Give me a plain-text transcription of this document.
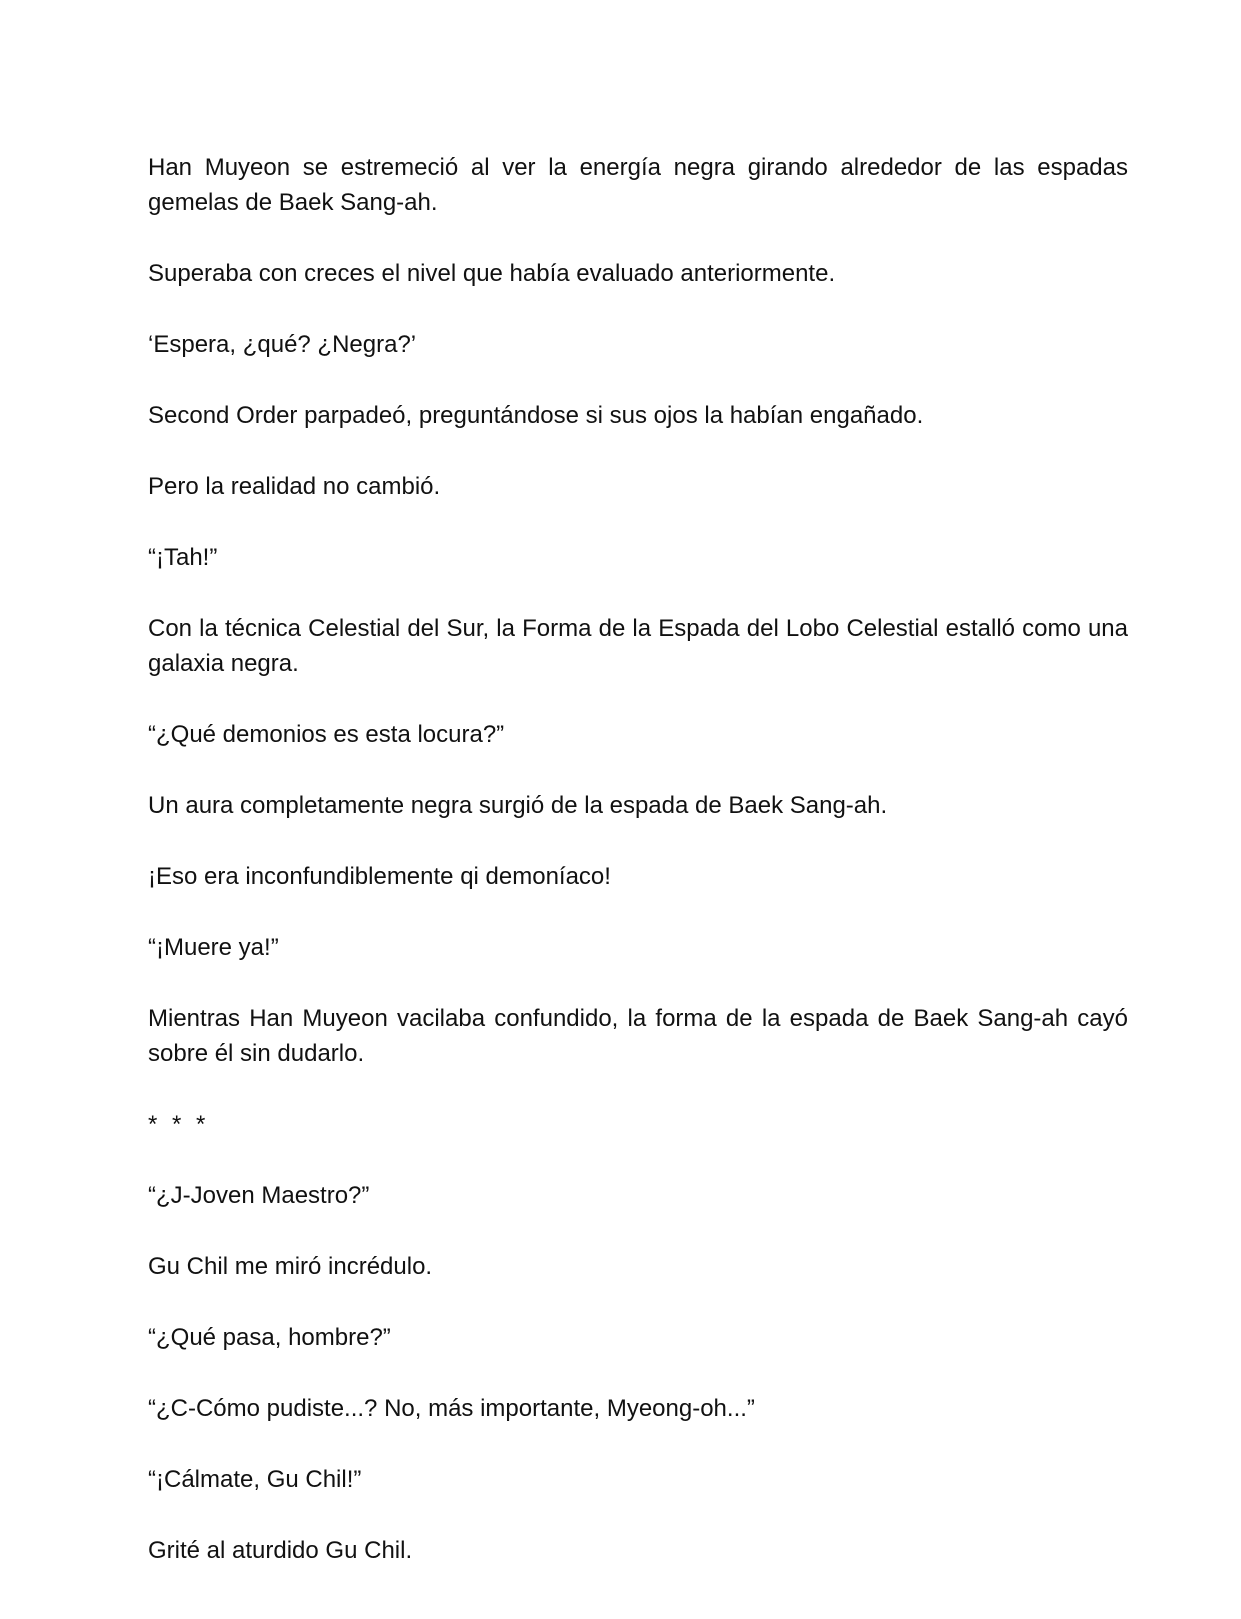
Han Muyeon se estremeció al ver la energía negra girando alrededor de las espadas gemelas de Baek Sang-ah.

Superaba con creces el nivel que había evaluado anteriormente.

‘Espera, ¿qué? ¿Negra?’

Second Order parpadeó, preguntándose si sus ojos la habían engañado.

Pero la realidad no cambió.

“¡Tah!”

Con la técnica Celestial del Sur, la Forma de la Espada del Lobo Celestial estalló como una galaxia negra.

“¿Qué demonios es esta locura?”

Un aura completamente negra surgió de la espada de Baek Sang-ah.

¡Eso era inconfundiblemente qi demoníaco!

“¡Muere ya!”

Mientras Han Muyeon vacilaba confundido, la forma de la espada de Baek Sang-ah cayó sobre él sin dudarlo.

* * *

“¿J-Joven Maestro?”

Gu Chil me miró incrédulo.

“¿Qué pasa, hombre?”

“¿C-Cómo pudiste...? No, más importante, Myeong-oh...”

“¡Cálmate, Gu Chil!”

Grité al aturdido Gu Chil.
